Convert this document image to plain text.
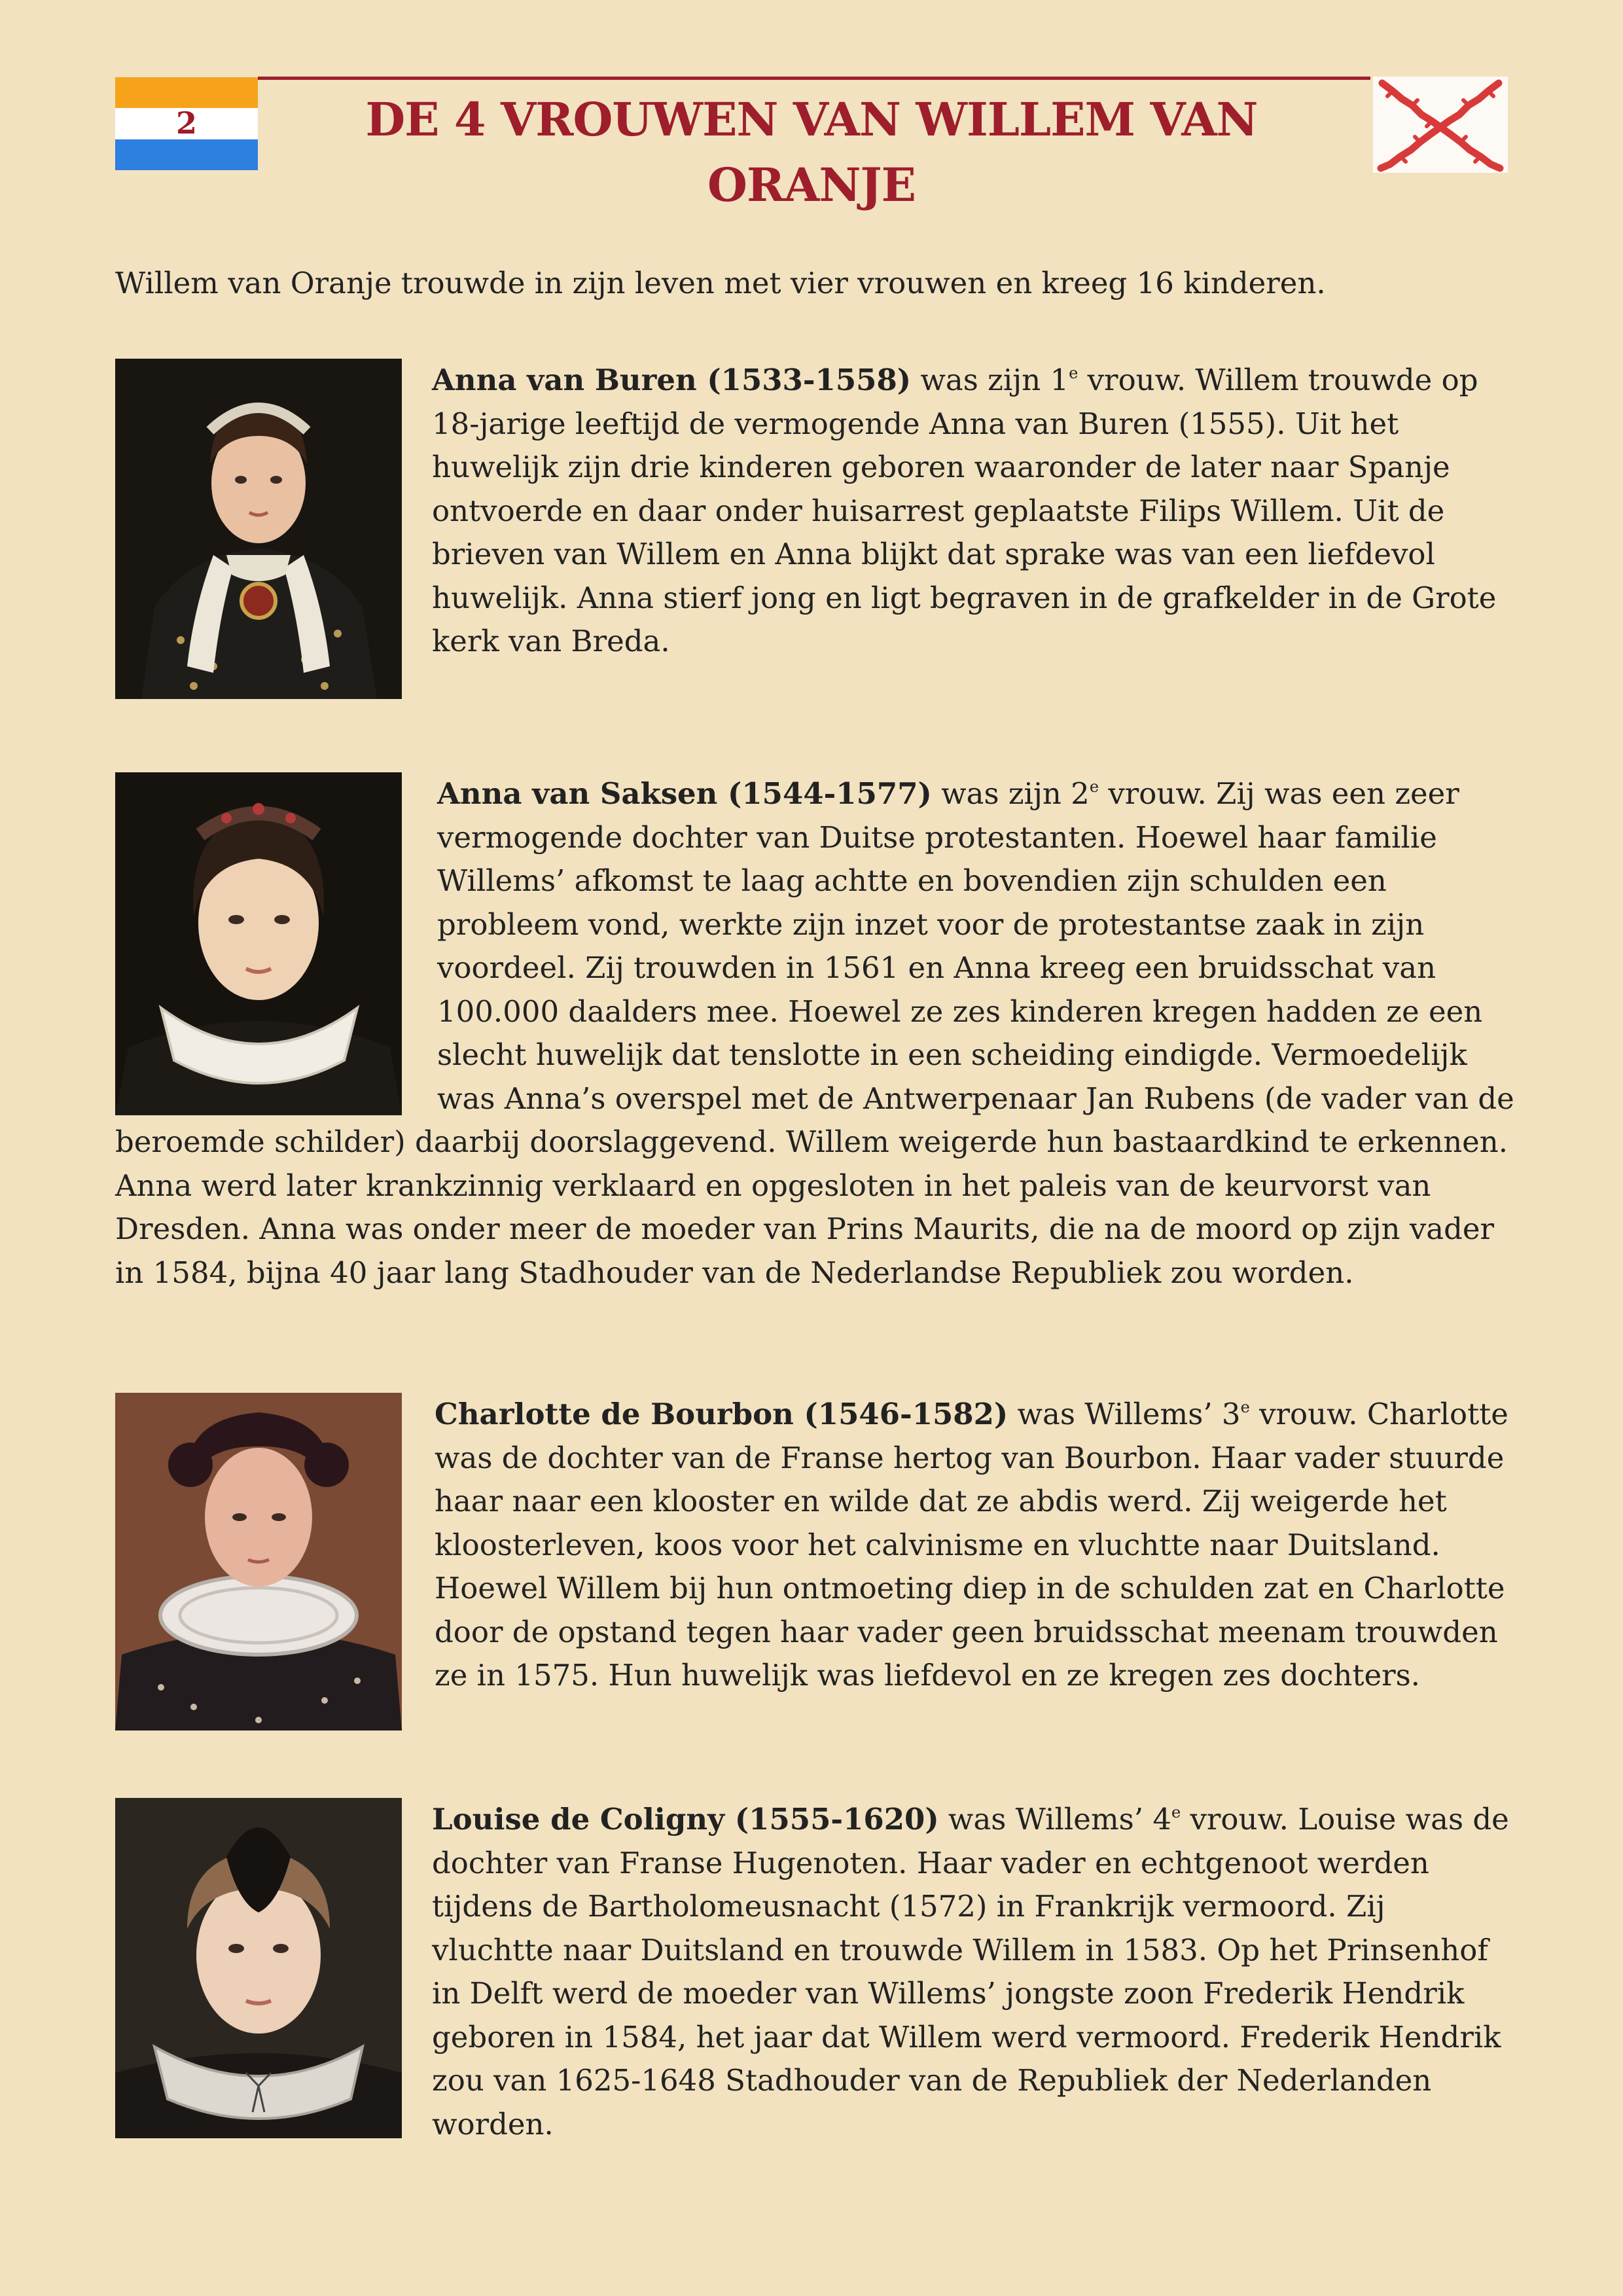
2	DE 4 VROUWEN VAN WILLEM VAN ORANJE
Willem van Oranje trouwde in zijn leven met vier vrouwen en kreeg 16 kinderen.

Anna van Buren (1533-1558) was zijn 1e vrouw. Willem trouwde op 18-jarige leeftijd de vermogende Anna van Buren (1555). Uit het huwelijk zijn drie kinderen geboren waaronder de later naar Spanje ontvoerde en daar onder huisarrest geplaatste Filips Willem. Uit de brieven van Willem en Anna blijkt dat sprake was van een liefdevol huwelijk. Anna stierf jong en ligt begraven in de grafkelder in de Grote kerk van Breda.

Anna van Saksen (1544-1577) was zijn 2e vrouw. Zij was een zeer vermogende dochter van Duitse protestanten. Hoewel haar familie Willems’ afkomst te laag achtte en bovendien zijn schulden een probleem vond, werkte zijn inzet voor de protestantse zaak in zijn voordeel. Zij trouwden in 1561 en Anna kreeg een bruidsschat van 100.000 daalders mee. Hoewel ze zes kinderen kregen hadden ze een slecht huwelijk dat tenslotte in een scheiding eindigde. Vermoedelijk was Anna’s overspel met de Antwerpenaar Jan Rubens (de vader van de beroemde schilder) daarbij doorslaggevend. Willem weigerde hun bastaardkind te erkennen. Anna werd later krankzinnig verklaard en opgesloten in het paleis van de keurvorst van Dresden. Anna was onder meer de moeder van Prins Maurits, die na de moord op zijn vader in 1584, bijna 40 jaar lang Stadhouder van de Nederlandse Republiek zou worden.

Charlotte de Bourbon (1546-1582) was Willems’ 3e vrouw. Charlotte was de dochter van de Franse hertog van Bourbon. Haar vader stuurde haar naar een klooster en wilde dat ze abdis werd. Zij weigerde het kloosterleven, koos voor het calvinisme en vluchtte naar Duitsland. Hoewel Willem bij hun ontmoeting diep in de schulden zat en Charlotte door de opstand tegen haar vader geen bruidsschat meenam trouwden ze in 1575. Hun huwelijk was liefdevol en ze kregen zes dochters.

Louise de Coligny (1555-1620) was Willems’ 4e vrouw. Louise was de dochter van Franse Hugenoten. Haar vader en echtgenoot werden tijdens de Bartholomeusnacht (1572) in Frankrijk vermoord. Zij vluchtte naar Duitsland en trouwde Willem in 1583. Op het Prinsenhof in Delft werd de moeder van Willems’ jongste zoon Frederik Hendrik geboren in 1584, het jaar dat Willem werd vermoord. Frederik Hendrik zou van 1625-1648 Stadhouder van de Republiek der Nederlanden worden.
